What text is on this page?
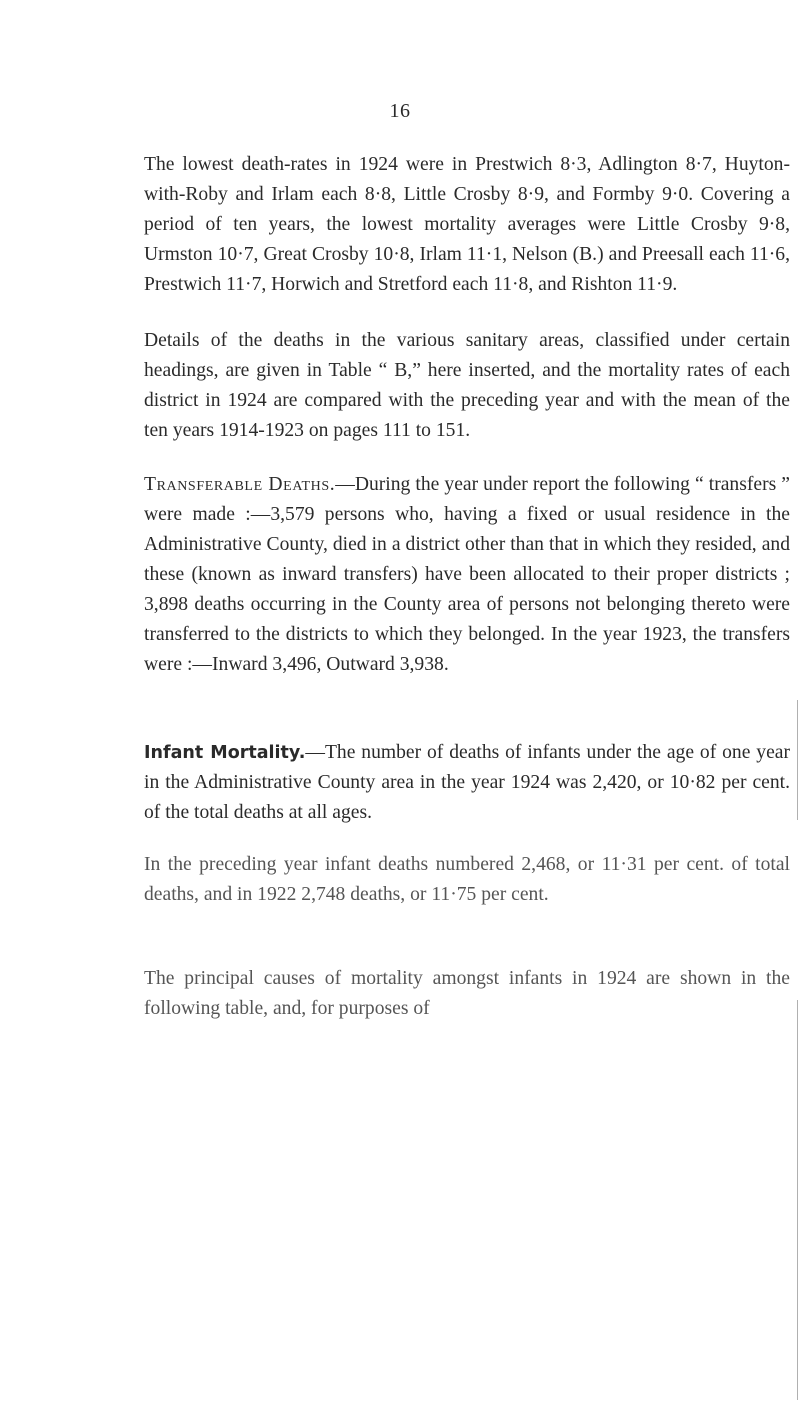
16

The lowest death-rates in 1924 were in Prestwich 8·3, Adlington 8·7, Huyton-with-Roby and Irlam each 8·8, Little Crosby 8·9, and Formby 9·0. Covering a period of ten years, the lowest mortality averages were Little Crosby 9·8, Urmston 10·7, Great Crosby 10·8, Irlam 11·1, Nelson (B.) and Preesall each 11·6, Prestwich 11·7, Horwich and Stretford each 11·8, and Rishton 11·9.

Details of the deaths in the various sanitary areas, classified under certain headings, are given in Table “ B,” here inserted, and the mortality rates of each district in 1924 are compared with the preceding year and with the mean of the ten years 1914-1923 on pages 111 to 151.

Transferable Deaths.—During the year under report the following “ transfers ” were made :—3,579 persons who, having a fixed or usual residence in the Administrative County, died in a district other than that in which they resided, and these (known as inward transfers) have been allocated to their proper districts ; 3,898 deaths occurring in the County area of persons not belonging thereto were transferred to the districts to which they belonged. In the year 1923, the transfers were :—Inward 3,496, Outward 3,938.

Infant Mortality.—The number of deaths of infants under the age of one year in the Administrative County area in the year 1924 was 2,420, or 10·82 per cent. of the total deaths at all ages.

In the preceding year infant deaths numbered 2,468, or 11·31 per cent. of total deaths, and in 1922 2,748 deaths, or 11·75 per cent.

The principal causes of mortality amongst infants in 1924 are shown in the following table, and, for purposes of
